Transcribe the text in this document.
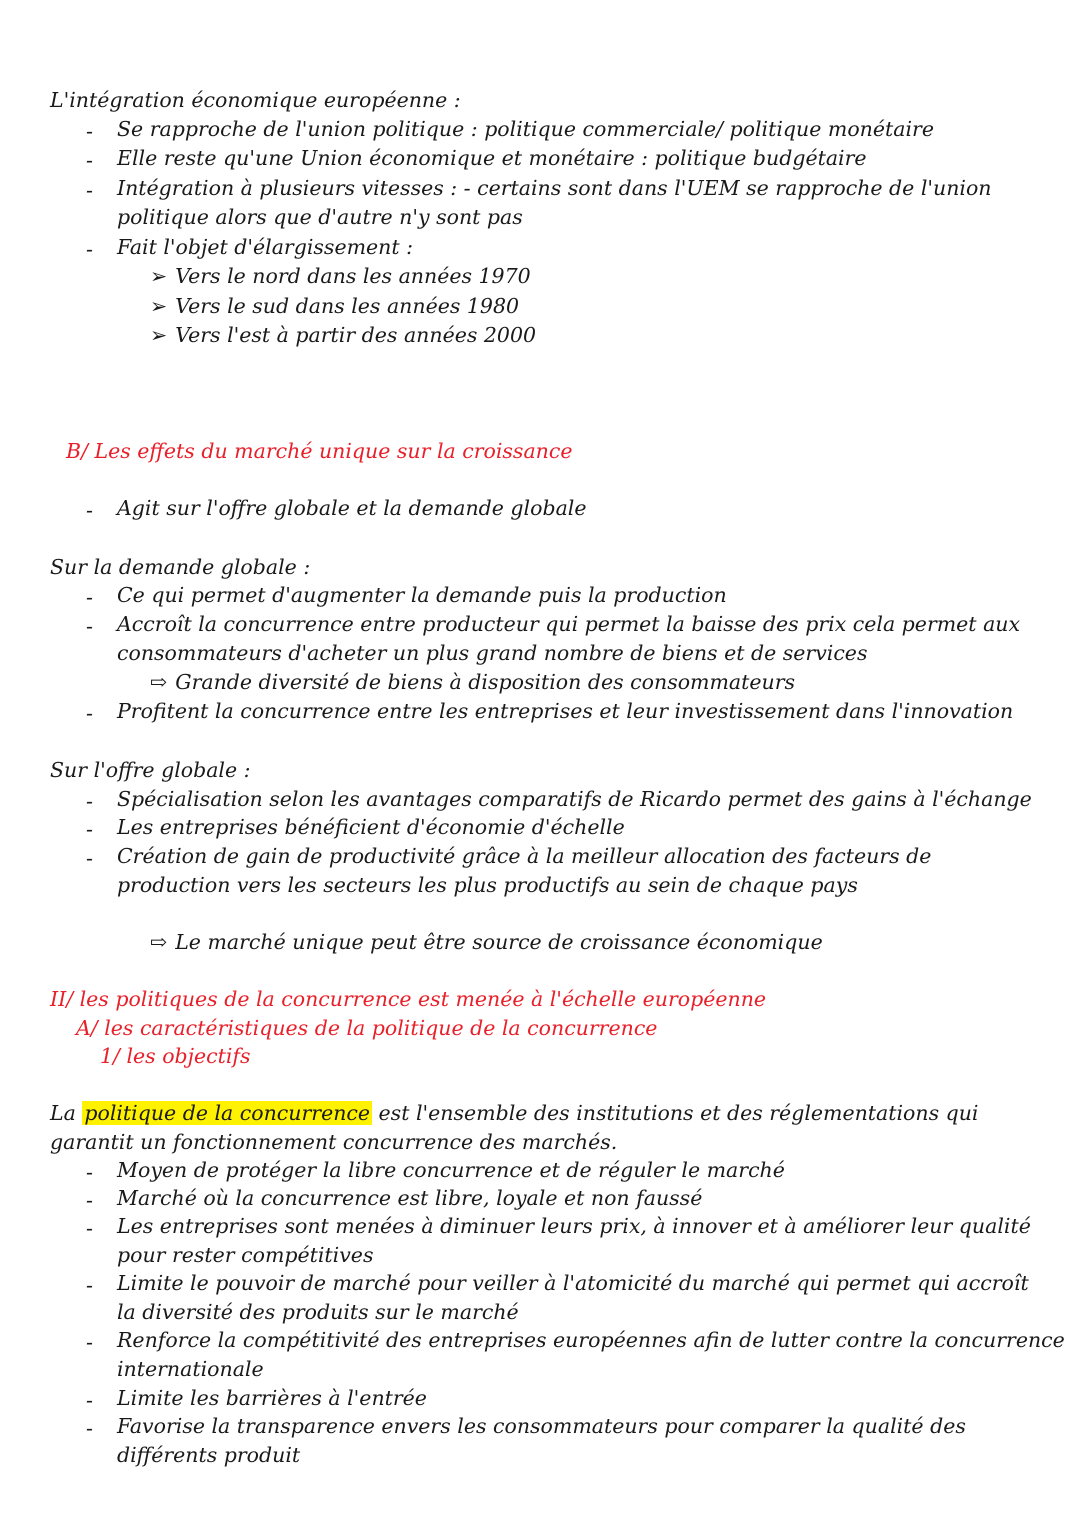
L'intégration économique européenne :
- Se rapproche de l'union politique : politique commerciale/ politique monétaire
- Elle reste qu'une Union économique et monétaire : politique budgétaire
- Intégration à plusieurs vitesses : - certains sont dans l'UEM se rapproche de l'union
politique alors que d'autre n'y sont pas
- Fait l'objet d'élargissement :
➢ Vers le nord dans les années 1970
➢ Vers le sud dans les années 1980
➢ Vers l'est à partir des années 2000
B/ Les effets du marché unique sur la croissance
- Agit sur l'offre globale et la demande globale
Sur la demande globale :
- Ce qui permet d'augmenter la demande puis la production
- Accroît la concurrence entre producteur qui permet la baisse des prix cela permet aux
consommateurs d'acheter un plus grand nombre de biens et de services
⇨ Grande diversité de biens à disposition des consommateurs
- Profitent la concurrence entre les entreprises et leur investissement dans l'innovation
Sur l'offre globale :
- Spécialisation selon les avantages comparatifs de Ricardo permet des gains à l'échange
- Les entreprises bénéficient d'économie d'échelle
- Création de gain de productivité grâce à la meilleur allocation des facteurs de
production vers les secteurs les plus productifs au sein de chaque pays
⇨ Le marché unique peut être source de croissance économique
II/ les politiques de la concurrence est menée à l'échelle européenne
A/ les caractéristiques de la politique de la concurrence
1/ les objectifs
La politique de la concurrence est l'ensemble des institutions et des réglementations qui
garantit un fonctionnement concurrence des marchés.
- Moyen de protéger la libre concurrence et de réguler le marché
- Marché où la concurrence est libre, loyale et non faussé
- Les entreprises sont menées à diminuer leurs prix, à innover et à améliorer leur qualité
pour rester compétitives
- Limite le pouvoir de marché pour veiller à l'atomicité du marché qui permet qui accroît
la diversité des produits sur le marché
- Renforce la compétitivité des entreprises européennes afin de lutter contre la concurrence
internationale
- Limite les barrières à l'entrée
- Favorise la transparence envers les consommateurs pour comparer la qualité des
différents produit
